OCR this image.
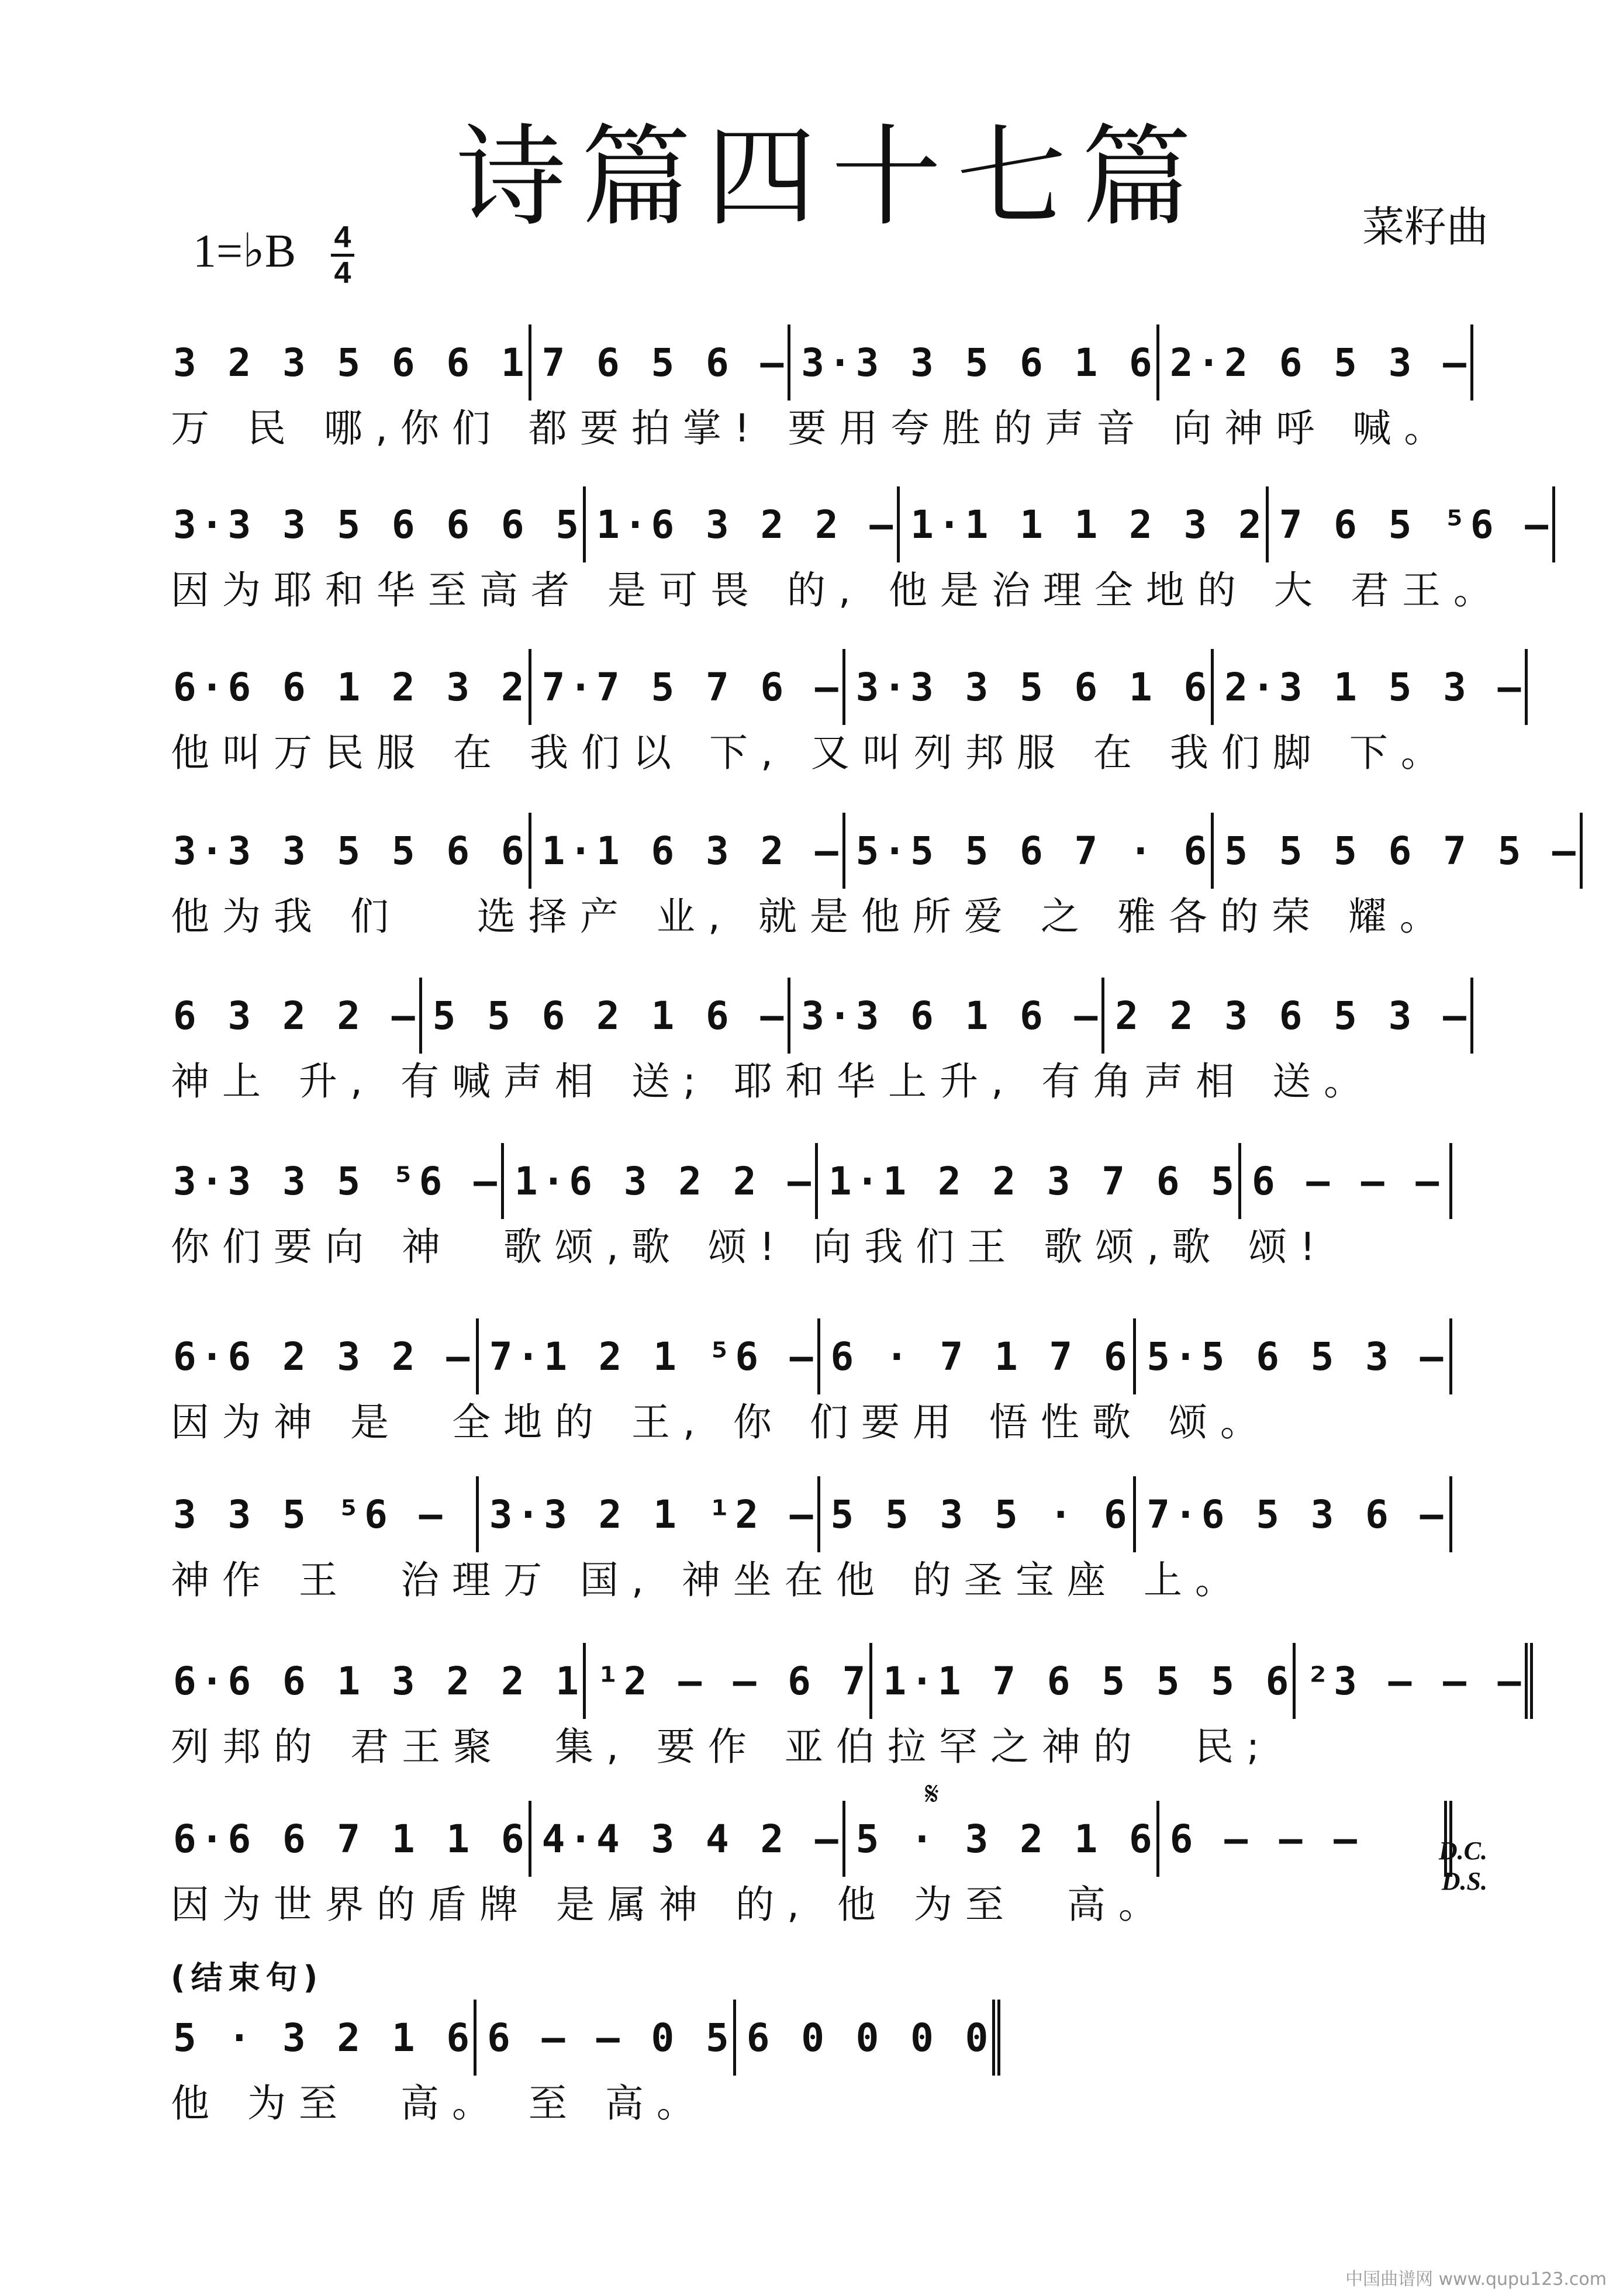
诗篇四十七篇	菜籽曲
1=♭B 4
4
3 2 3 5 6 6 1 7 6 5 6 – 3·3 3 5 6 1 6 2·2 6 5 3 –
万 民 哪,你们 都要拍掌! 要用夸胜的声音 向神呼 喊。
3·3 3 5 6 6 6 5 1·6 3 2 2 – 1·1 1 1 2 3 2 7 6 5 ⁵6 –
因为耶和华至高者 是可畏 的, 他是治理全地的 大 君王。
6·6 6 1 2 3 2 7·7 5 7 6 – 3·3 3 5 6 1 6 2·3 1 5 3 –
他叫万民服 在 我们以 下, 又叫列邦服 在 我们脚 下。
3·3 3 5 5 6 6 1·1 6 3 2 – 5·5 5 6 7 · 6 5 5 5 6 7 5 –
他为我 们   选择产 业, 就是他所爱 之 雅各的荣 耀。
6 3 2 2 – 5 5 6 2 1 6 – 3·3 6 1 6 – 2 2 3 6 5 3 –
神上 升, 有喊声相 送; 耶和华上升, 有角声相 送。
3·3 3 5 ⁵6 – 1·6 3 2 2 – 1·1 2 2 3 7 6 5 6 – – –
你们要向 神  歌颂,歌 颂! 向我们王 歌颂,歌 颂!
6·6 2 3 2 – 7·1 2 1 ⁵6 – 6 · 7 1 7 6 5·5 6 5 3 –
因为神 是  全地的 王, 你 们要用 悟性歌 颂。
3 3 5 ⁵6 –	3·3 2 1 ¹2 – 5 5 3 5 · 6 7·6 5 3 6 –
神作 王  治理万 国, 神坐在他 的圣宝座 上。
6·6 6 1 3 2 2 1 ¹2 – – 6 7 1·1 7 6 5 5 5 6 ²3 – – –
列邦的 君王聚  集, 要作 亚伯拉罕之神的  民;
𝄋
6·6 6 7 1 1 6 4·4 3 4 2 – 5 · 3 2 1 6 6 – – –
因为世界的盾牌 是属神 的, 他 为至  高。
D.C.
D.S.
(结束句)
5 · 3 2 1 6 6 – – 0 5 6 0 0 0 0
他 为至  高。 至 高。
中国曲谱网 www.qupu123.com
